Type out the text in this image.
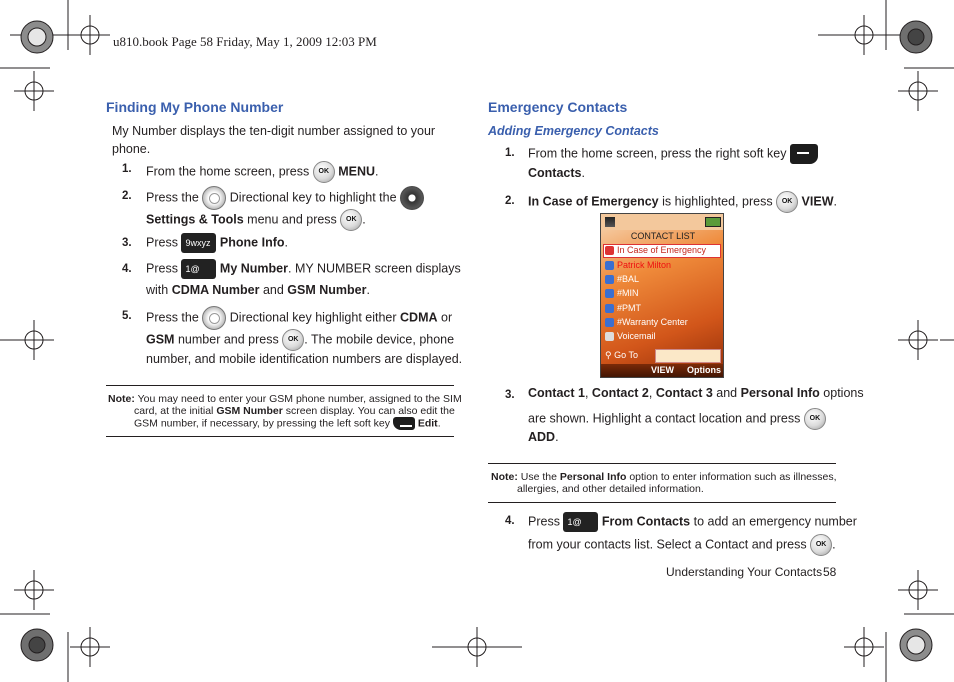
u810.book Page 58 Friday, May 1, 2009 12:03 PM
Finding My Phone Number
My Number displays the ten-digit number assigned to your
phone.
1. From the home screen, press OK MENU.
2. Press the Directional key to highlight the
Settings & Tools menu and press OK .
3. Press 9wxyz Phone Info.
4. Press 1@ My Number. MY NUMBER screen displays
with CDMA Number and GSM Number.
5. Press the Directional key highlight either CDMA or
GSM number and press OK . The mobile device, phone
number, and mobile identification numbers are displayed.
Note: You may need to enter your GSM phone number, assigned to the SIM
card, at the initial GSM Number screen display. You can also edit the
GSM number, if necessary, by pressing the left soft key	Edit.
Emergency Contacts
Adding Emergency Contacts
1. From the home screen, press the right soft key
Contacts.
2. In Case of Emergency is highlighted, press OK VIEW.
CONTACT LIST
In Case of Emergency
Patrick Milton
#BAL
#MIN
#PMT
#Warranty Center
Voicemail
⚲ Go To
VIEW Options
3. Contact 1, Contact 2, Contact 3 and Personal Info options
are shown. Highlight a contact location and press OK
ADD.
Note: Use the Personal Info option to enter information such as illnesses,
allergies, and other detailed information.
4. Press 1@ From Contacts to add an emergency number
from your contacts list. Select a Contact and press OK .
Understanding Your Contacts 58
